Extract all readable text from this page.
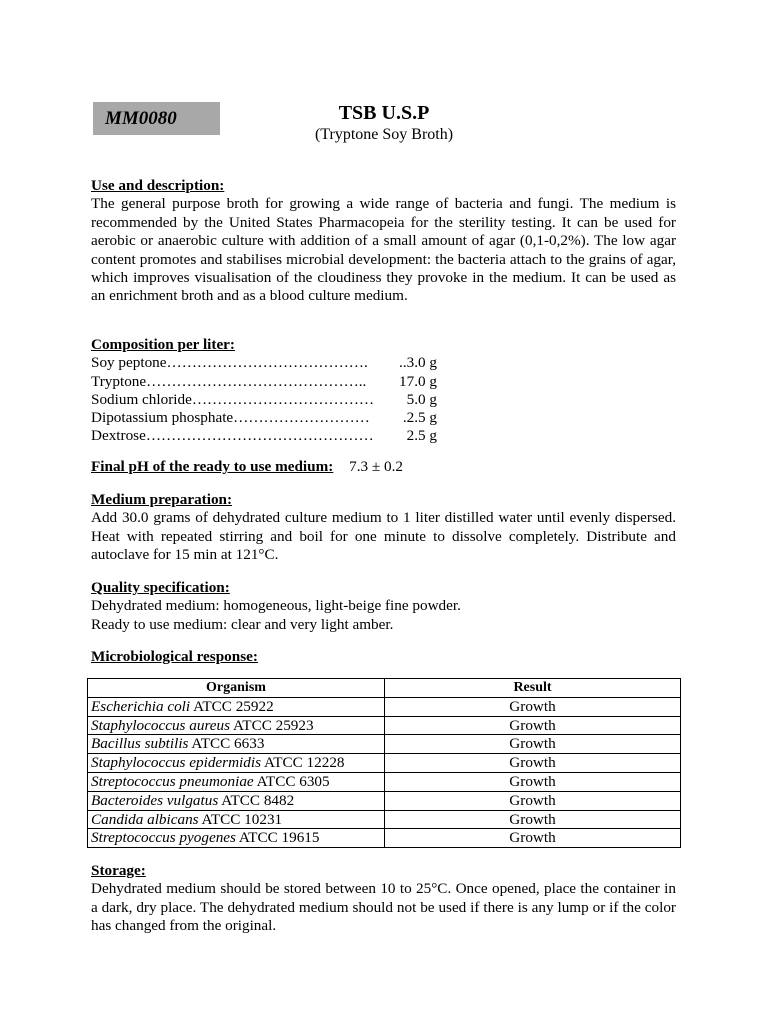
MM0080	TSB U.S.P
(Tryptone Soy Broth)
Use and description:
The general purpose broth for growing a wide range of bacteria and fungi. The medium is recommended by the United States Pharmacopeia for the sterility testing. It can be used for aerobic or anaerobic culture with addition of a small amount of agar (0,1-0,2%). The low agar content promotes and stabilises microbial development: the bacteria attach to the grains of agar, which improves visualisation of the cloudiness they provoke in the medium. It can be used as an enrichment broth and as a blood culture medium.
Composition per liter:
Soy peptone………………………………….	..3.0 g
Tryptone……………………………………..	17.0 g
Sodium chloride………………………………	5.0 g
Dipotassium phosphate………………………	.2.5 g
Dextrose………………………………………	2.5 g
Final pH of the ready to use medium: 7.3 ± 0.2
Medium preparation:
Add 30.0 grams of dehydrated culture medium to 1 liter distilled water until evenly dispersed. Heat with repeated stirring and boil for one minute to dissolve completely. Distribute and autoclave for 15 min at 121°C.
Quality specification:
Dehydrated medium: homogeneous, light-beige fine powder.
Ready to use medium: clear and very light amber.
Microbiological response:
Organism	Result
Escherichia coli ATCC 25922	Growth
Staphylococcus aureus ATCC 25923	Growth
Bacillus subtilis ATCC 6633	Growth
Staphylococcus epidermidis ATCC 12228	Growth
Streptococcus pneumoniae ATCC 6305	Growth
Bacteroides vulgatus ATCC 8482	Growth
Candida albicans ATCC 10231	Growth
Streptococcus pyogenes ATCC 19615	Growth
Storage:
Dehydrated medium should be stored between 10 to 25°C. Once opened, place the container in a dark, dry place. The dehydrated medium should not be used if there is any lump or if the color has changed from the original.
